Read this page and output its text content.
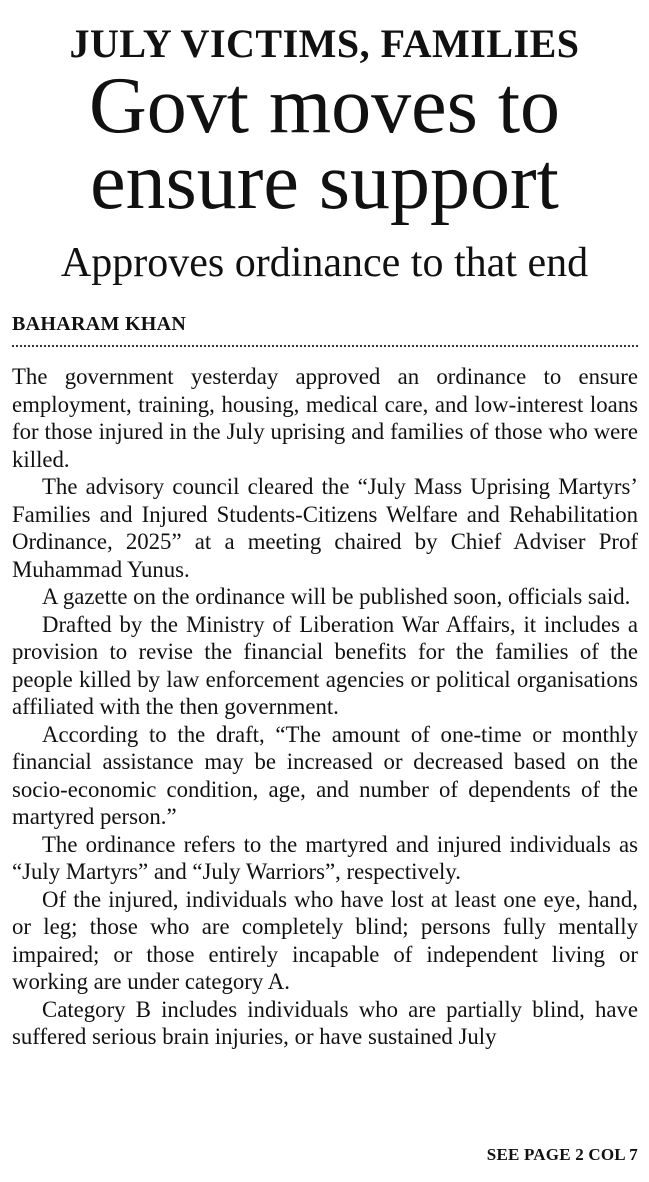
JULY VICTIMS, FAMILIES
Govt moves to
ensure support
Approves ordinance to that end
BAHARAM KHAN

The government yesterday approved an ordinance to ensure employment, training, housing, medical care, and low-interest loans for those injured in the July uprising and families of those who were killed.

The advisory council cleared the “July Mass Uprising Martyrs’ Families and Injured Students-Citizens Welfare and Rehabilitation Ordinance, 2025” at a meeting chaired by Chief Adviser Prof Muhammad Yunus.

A gazette on the ordinance will be published soon, officials said.

Drafted by the Ministry of Liberation War Affairs, it includes a provision to revise the financial benefits for the families of the people killed by law enforcement agencies or political organisations affiliated with the then government.

According to the draft, “The amount of one-time or monthly financial assistance may be increased or decreased based on the socio-economic condition, age, and number of dependents of the martyred person.”

The ordinance refers to the martyred and injured individuals as “July Martyrs” and “July Warriors”, respectively.

Of the injured, individuals who have lost at least one eye, hand, or leg; those who are completely blind; persons fully mentally impaired; or those entirely incapable of independent living or working are under category A.

Category B includes individuals who are partially blind, have suffered serious brain injuries, or have sustained July

SEE PAGE 2 COL 7
